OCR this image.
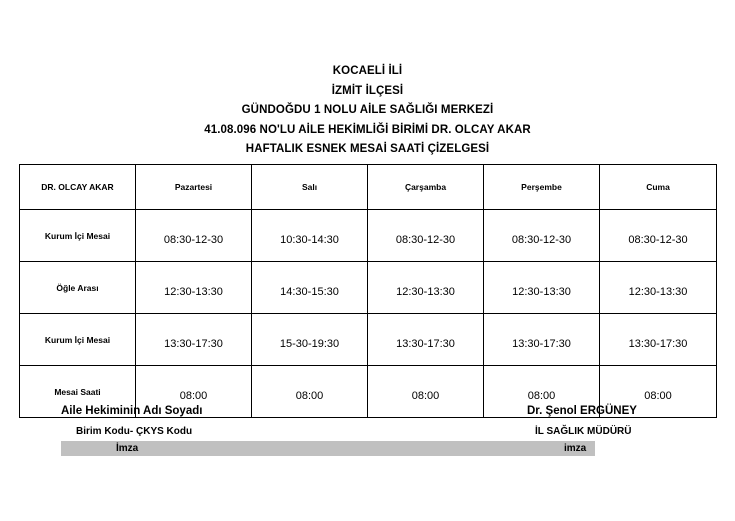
KOCAELİ İLİ
İZMİT İLÇESİ
GÜNDOĞDU 1 NOLU AİLE SAĞLIĞI MERKEZİ
41.08.096 NO'LU AİLE HEKİMLİĞİ BİRİMİ DR. OLCAY AKAR
HAFTALIK ESNEK MESAİ SAATİ ÇİZELGESİ
DR. OLCAY AKAR	Pazartesi	Salı	Çarşamba	Perşembe	Cuma
Kurum İçi Mesai	08:30-12-30	10:30-14:30	08:30-12-30	08:30-12-30	08:30-12-30
Öğle Arası	12:30-13:30	14:30-15:30	12:30-13:30	12:30-13:30	12:30-13:30
Kurum İçi Mesai	13:30-17:30	15-30-19:30	13:30-17:30	13:30-17:30	13:30-17:30
Mesai Saati	08:00	08:00	08:00	08:00	08:00
Aile Hekiminin Adı Soyadı
Birim Kodu- ÇKYS Kodu
İmza
Dr. Şenol ERGÜNEY
İL SAĞLIK MÜDÜRÜ
imza
